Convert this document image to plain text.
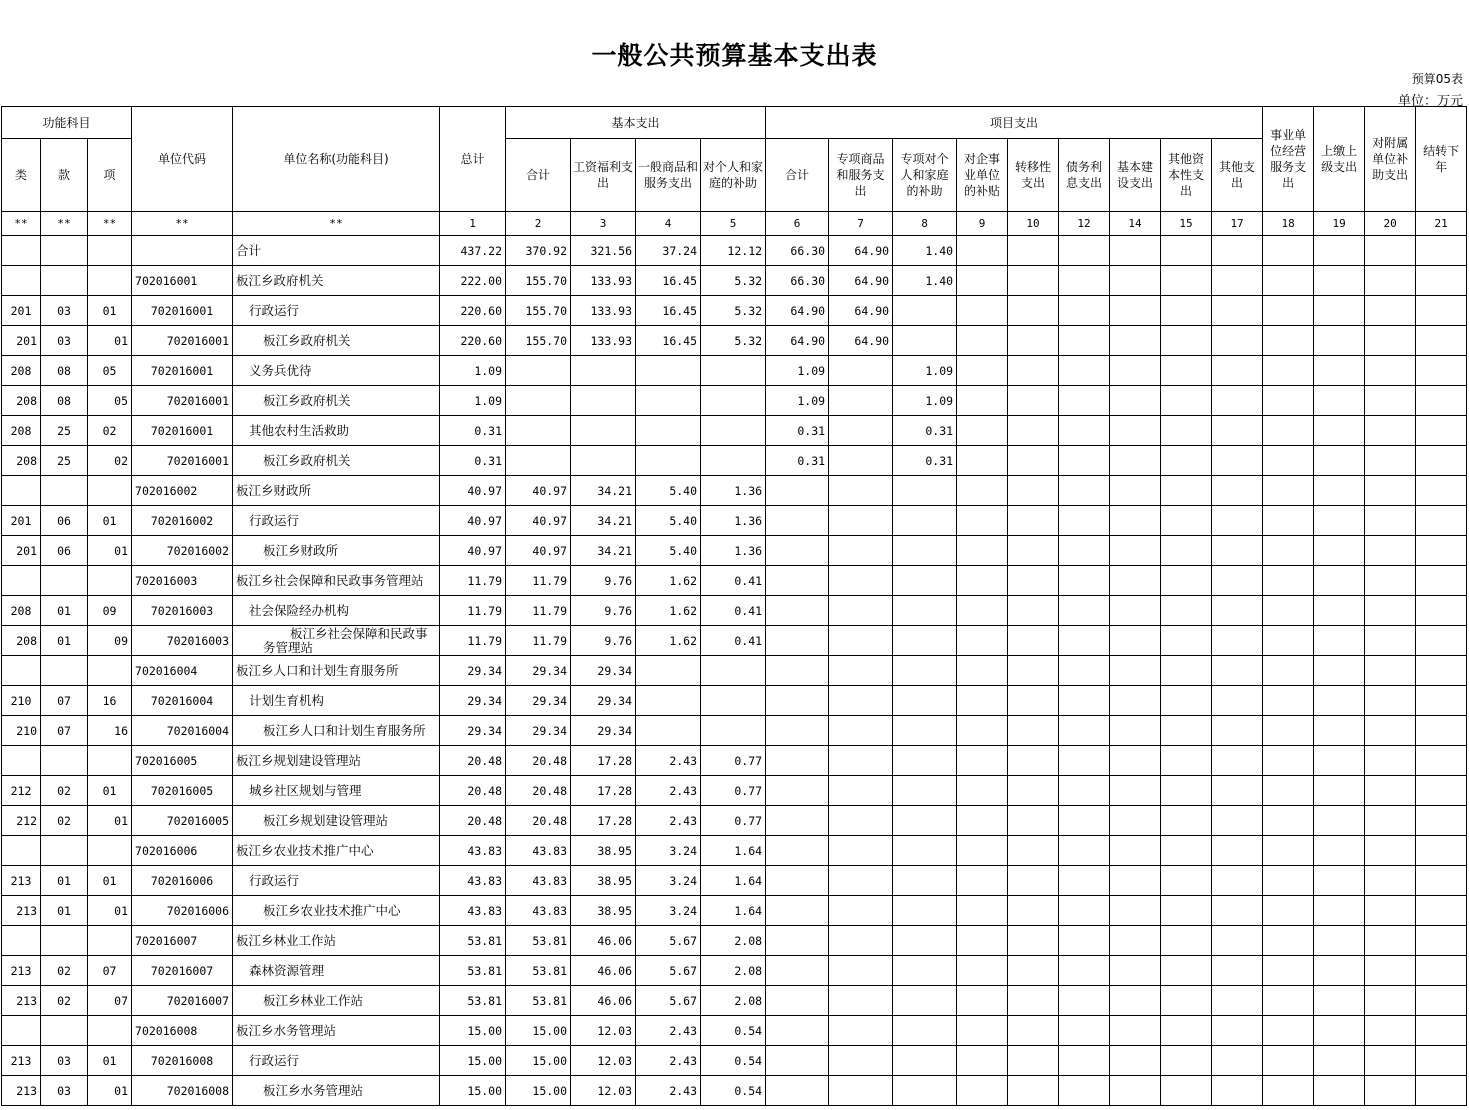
一般公共预算基本支出表
预算05表
单位：万元
功能科目			单位代码	单位名称(功能科目)	总计	基本支出				项目支出									事业单位经营服务支出	上缴上级支出	对附属单位补助支出	结转下年
类	款	项				合计	工资福利支出	一般商品和服务支出	对个人和家庭的补助	合计	专项商品和服务支出	专项对个人和家庭的补助	对企事业单位的补贴	转移性支出	债务利息支出	基本建设支出	其他资本性支出	其他支出				
**	**	**	**	**	1	2	3	4	5	6	7	8	9	10	12	14	15	17	18	19	20	21
				合计	437.22	370.92	321.56	37.24	12.12	66.30	64.90	1.40										
			702016001	板江乡政府机关	222.00	155.70	133.93	16.45	5.32	66.30	64.90	1.40										
201	03	01	702016001	行政运行	220.60	155.70	133.93	16.45	5.32	64.90	64.90											
201	03	01	702016001	板江乡政府机关	220.60	155.70	133.93	16.45	5.32	64.90	64.90											
208	08	05	702016001	义务兵优待	1.09					1.09		1.09										
208	08	05	702016001	板江乡政府机关	1.09					1.09		1.09										
208	25	02	702016001	其他农村生活救助	0.31					0.31		0.31										
208	25	02	702016001	板江乡政府机关	0.31					0.31		0.31										
			702016002	板江乡财政所	40.97	40.97	34.21	5.40	1.36													
201	06	01	702016002	行政运行	40.97	40.97	34.21	5.40	1.36													
201	06	01	702016002	板江乡财政所	40.97	40.97	34.21	5.40	1.36													
			702016003	板江乡社会保障和民政事务管理站	11.79	11.79	9.76	1.62	0.41													
208	01	09	702016003	社会保险经办机构	11.79	11.79	9.76	1.62	0.41													
208	01	09	702016003	板江乡社会保障和民政事务管理站	11.79	11.79	9.76	1.62	0.41													
			702016004	板江乡人口和计划生育服务所	29.34	29.34	29.34															
210	07	16	702016004	计划生育机构	29.34	29.34	29.34															
210	07	16	702016004	板江乡人口和计划生育服务所	29.34	29.34	29.34															
			702016005	板江乡规划建设管理站	20.48	20.48	17.28	2.43	0.77													
212	02	01	702016005	城乡社区规划与管理	20.48	20.48	17.28	2.43	0.77													
212	02	01	702016005	板江乡规划建设管理站	20.48	20.48	17.28	2.43	0.77													
			702016006	板江乡农业技术推广中心	43.83	43.83	38.95	3.24	1.64													
213	01	01	702016006	行政运行	43.83	43.83	38.95	3.24	1.64													
213	01	01	702016006	板江乡农业技术推广中心	43.83	43.83	38.95	3.24	1.64													
			702016007	板江乡林业工作站	53.81	53.81	46.06	5.67	2.08													
213	02	07	702016007	森林资源管理	53.81	53.81	46.06	5.67	2.08													
213	02	07	702016007	板江乡林业工作站	53.81	53.81	46.06	5.67	2.08													
			702016008	板江乡水务管理站	15.00	15.00	12.03	2.43	0.54													
213	03	01	702016008	行政运行	15.00	15.00	12.03	2.43	0.54													
213	03	01	702016008	板江乡水务管理站	15.00	15.00	12.03	2.43	0.54													
